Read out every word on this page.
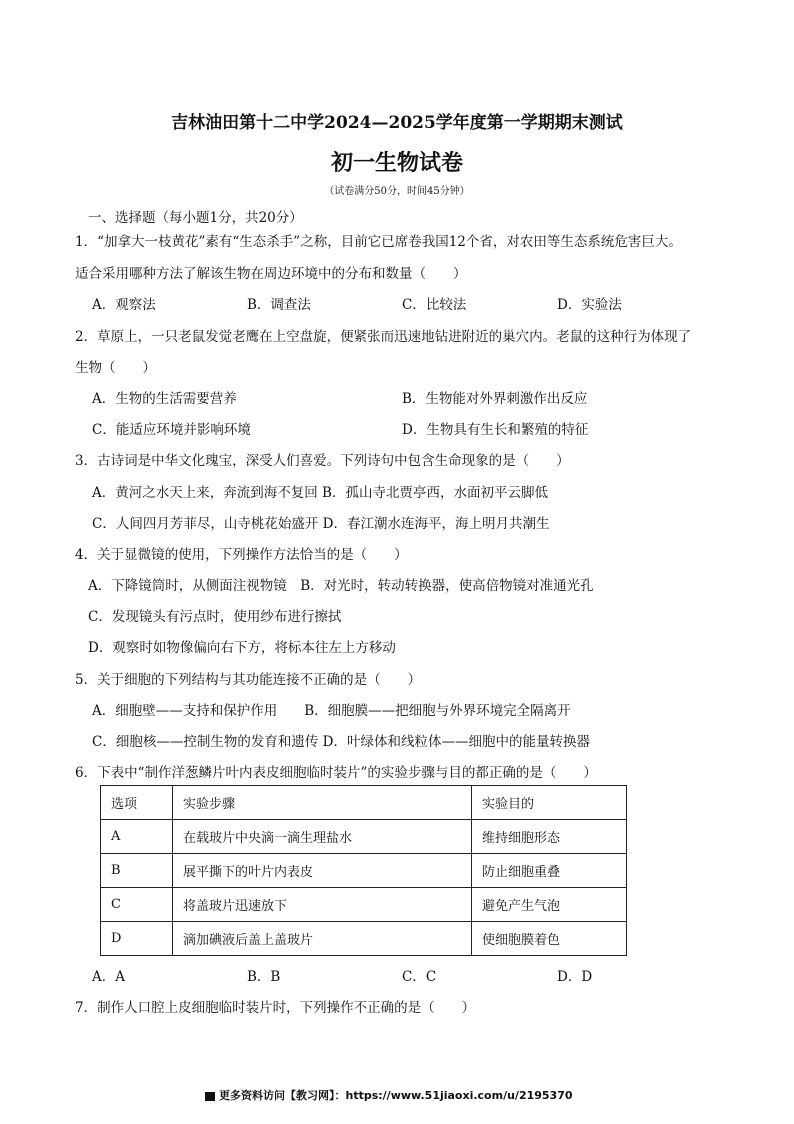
吉林油田第十二中学2024—2025学年度第一学期期末测试
初一生物试卷
（试卷满分50分，时间45分钟）
一、选择题（每小题1分，共20分）
1．“加拿大一枝黄花”素有“生态杀手”之称，目前它已席卷我国12个省，对农田等生态系统危害巨大。
适合采用哪种方法了解该生物在周边环境中的分布和数量（　　）
A．观察法	B．调查法	C．比较法	D．实验法
2．草原上，一只老鼠发觉老鹰在上空盘旋，便紧张而迅速地钻进附近的巢穴内。老鼠的这种行为体现了
生物（　　）
A．生物的生活需要营养	B．生物能对外界刺激作出反应
C．能适应环境并影响环境	D．生物具有生长和繁殖的特征
3．古诗词是中华文化瑰宝，深受人们喜爱。下列诗句中包含生命现象的是（　　）
A．黄河之水天上来，奔流到海不复回 B．孤山寺北贾亭西，水面初平云脚低
C．人间四月芳菲尽，山寺桃花始盛开 D．春江潮水连海平，海上明月共潮生
4．关于显微镜的使用，下列操作方法恰当的是（　　）
A．下降镜筒时，从侧面注视物镜　B．对光时，转动转换器，使高倍物镜对准通光孔
C．发现镜头有污点时，使用纱布进行擦拭
D．观察时如物像偏向右下方，将标本往左上方移动
5．关于细胞的下列结构与其功能连接不正确的是（　　）
A．细胞壁——支持和保护作用　　B．细胞膜——把细胞与外界环境完全隔离开
C．细胞核——控制生物的发育和遗传 D．叶绿体和线粒体——细胞中的能量转换器
6．下表中“制作洋葱鳞片叶内表皮细胞临时装片”的实验步骤与目的都正确的是（　　）
选项	实验步骤	实验目的
A	在载玻片中央滴一滴生理盐水	维持细胞形态
B	展平撕下的叶片内表皮	防止细胞重叠
C	将盖玻片迅速放下	避免产生气泡
D	滴加碘液后盖上盖玻片	使细胞膜着色
A．A	B．B	C．C	D．D
7．制作人口腔上皮细胞临时装片时，下列操作不正确的是（　　）
更多资料访问【教习网】：https://www.51jiaoxi.com/u/2195370
